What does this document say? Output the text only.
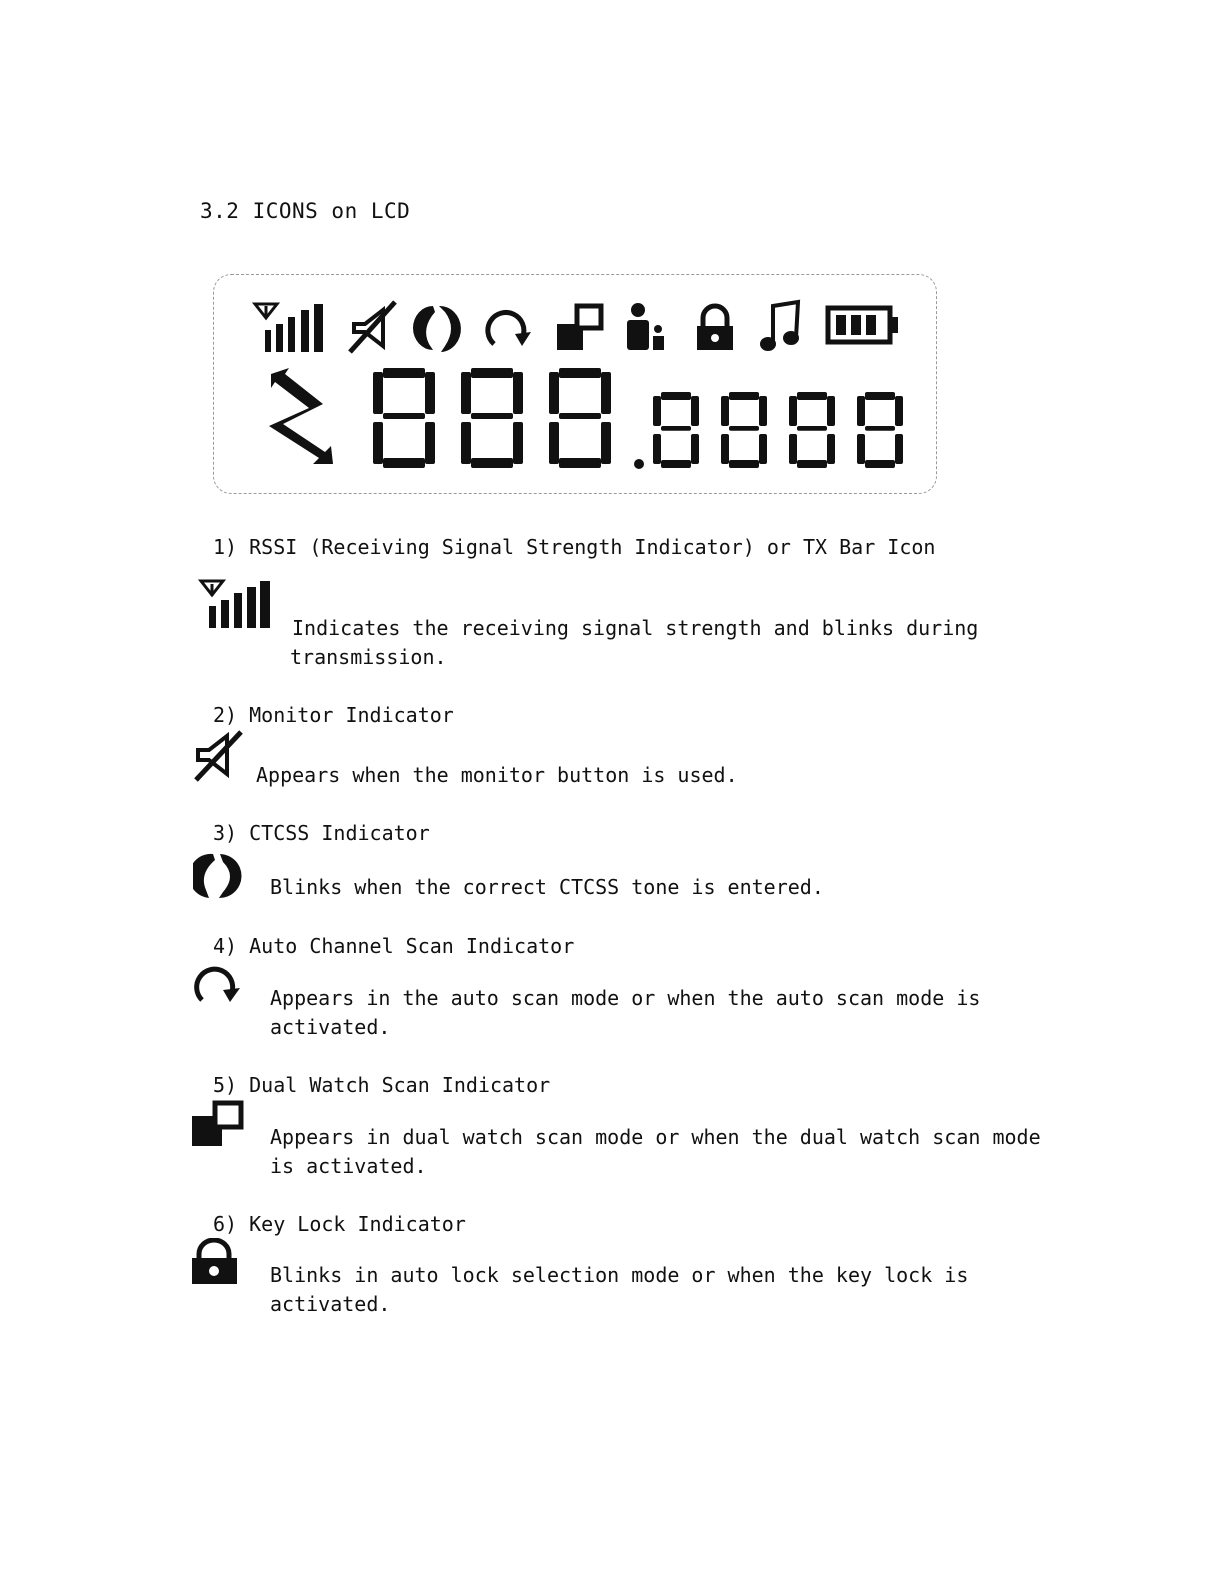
3.2 ICONS on LCD
1) RSSI (Receiving Signal Strength Indicator) or TX Bar Icon
Indicates the receiving signal strength and blinks during
transmission.
2) Monitor Indicator
Appears when the monitor button is used.
3) CTCSS Indicator
Blinks when the correct CTCSS tone is entered.
4) Auto Channel Scan Indicator
Appears in the auto scan mode or when the auto scan mode is
activated.
5) Dual Watch Scan Indicator
Appears in dual watch scan mode or when the dual watch scan mode
is activated.
6) Key Lock Indicator
Blinks in auto lock selection mode or when the key lock is
activated.
